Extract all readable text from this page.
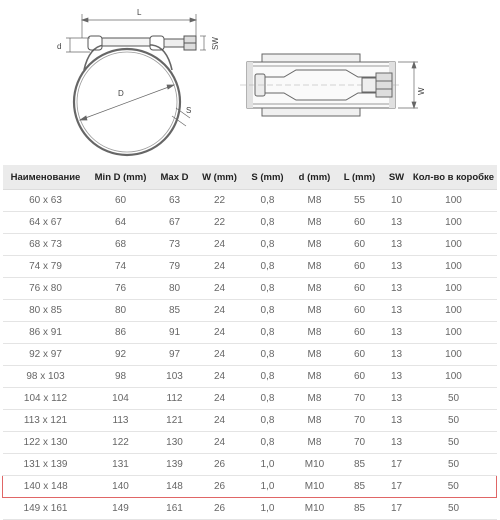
L
d	SW
D
S
W
Наименование	Min D (mm)	Max D	W (mm)	S (mm)	d (mm)	L (mm)	SW	Кол-во в коробке
60 x 63	60	63	22	0,8	M8	55	10	100
64 x 67	64	67	22	0,8	M8	60	13	100
68 x 73	68	73	24	0,8	M8	60	13	100
74 x 79	74	79	24	0,8	M8	60	13	100
76 x 80	76	80	24	0,8	M8	60	13	100
80 x 85	80	85	24	0,8	M8	60	13	100
86 x 91	86	91	24	0,8	M8	60	13	100
92 x 97	92	97	24	0,8	M8	60	13	100
98 x 103	98	103	24	0,8	M8	60	13	100
104 x 112	104	112	24	0,8	M8	70	13	50
113 x 121	113	121	24	0,8	M8	70	13	50
122 x 130	122	130	24	0,8	M8	70	13	50
131 x 139	131	139	26	1,0	M10	85	17	50
140 x 148	140	148	26	1,0	M10	85	17	50
149 x 161	149	161	26	1,0	M10	85	17	50
